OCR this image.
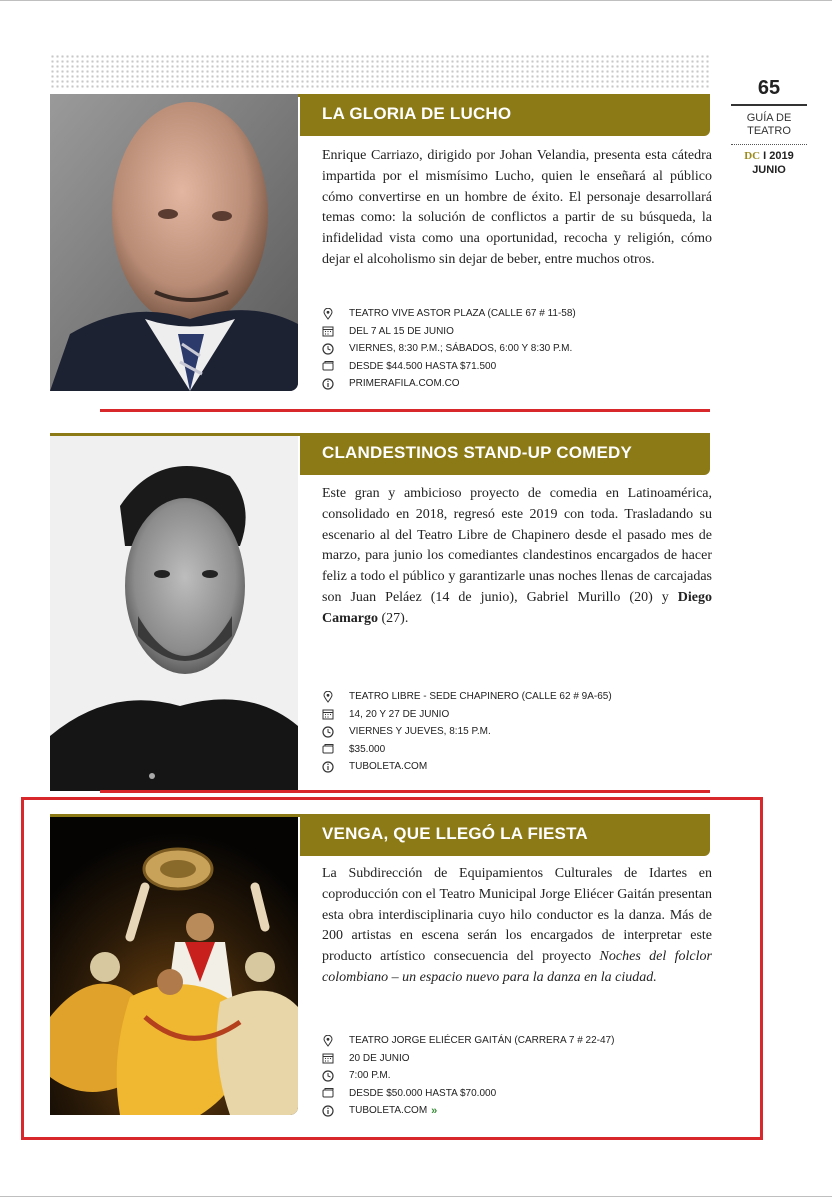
65
GUÍA DE
TEATRO
DC I 2019
JUNIO
LA GLORIA DE LUCHO
Enrique Carriazo, dirigido por Johan Velandia, presenta esta cátedra impartida por el mismísimo Lucho, quien le enseñará al público cómo convertirse en un hombre de éxito. El personaje desarrollará temas como: la solución de conflictos a partir de su búsqueda, la infidelidad vista como una oportunidad, recocha y religión, cómo dejar el alcoholismo sin dejar de beber, entre muchos otros.
TEATRO VIVE ASTOR PLAZA (CALLE 67 # 11-58)
DEL 7 AL 15 DE JUNIO
VIERNES, 8:30 P.M.; SÁBADOS, 6:00 Y 8:30 P.M.
DESDE $44.500 HASTA $71.500
PRIMERAFILA.COM.CO
CLANDESTINOS STAND-UP COMEDY
Este gran y ambicioso proyecto de comedia en Latinoamérica, consolidado en 2018, regresó este 2019 con toda. Trasladando su escenario al del Teatro Libre de Chapinero desde el pasado mes de marzo, para junio los comediantes clandestinos encargados de hacer feliz a todo el público y garantizarle unas noches llenas de carcajadas son Juan Peláez (14 de junio), Gabriel Murillo (20) y Diego Camargo (27).
TEATRO LIBRE - SEDE CHAPINERO (CALLE 62 # 9A-65)
14, 20 Y 27 DE JUNIO
VIERNES Y JUEVES, 8:15 P.M.
$35.000
TUBOLETA.COM
VENGA, QUE LLEGÓ LA FIESTA
La Subdirección de Equipamientos Culturales de Idartes en coproducción con el Teatro Municipal Jorge Eliécer Gaitán presentan esta obra interdisciplinaria cuyo hilo conductor es la danza. Más de 200 artistas en escena serán los encargados de interpretar este producto artístico consecuencia del proyecto Noches del folclor colombiano – un espacio nuevo para la danza en la ciudad.
TEATRO JORGE ELIÉCER GAITÁN (CARRERA 7 # 22-47)
20 DE JUNIO
7:00 P.M.
DESDE $50.000 HASTA $70.000
TUBOLETA.COM »
